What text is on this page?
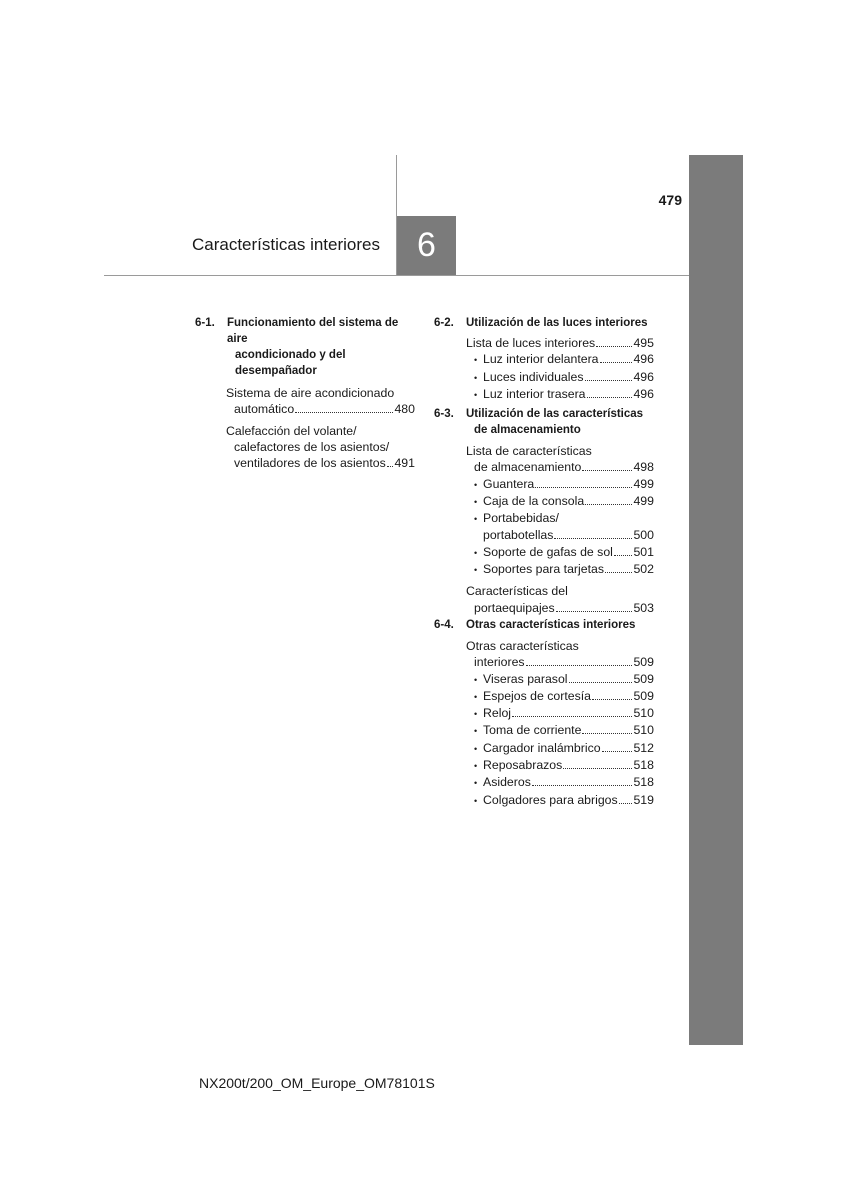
6
Características interiores
479
6-1.	Funcionamiento del sistema de aire
acondicionado y del
desempañador
Sistema de aire acondicionado
automático	480
Calefacción del volante/
calefactores de los asientos/
ventiladores de los asientos 491
6-2.	Utilización de las luces interiores
Lista de luces interiores	495
• Luz interior delantera	496
• Luces individuales	496
• Luz interior trasera	496
6-3.	Utilización de las características
de almacenamiento
Lista de características
de almacenamiento	498
• Guantera	499
• Caja de la consola	499
• Portabebidas/
portabotellas	500
• Soporte de gafas de sol 501
• Soportes para tarjetas 502
Características del
portaequipajes	503
6-4.	Otras características interiores
Otras características
interiores	509
• Viseras parasol	509
• Espejos de cortesía	509
• Reloj	510
• Toma de corriente	510
• Cargador inalámbrico	512
• Reposabrazos	518
• Asideros	518
• Colgadores para abrigos 519
NX200t/200_OM_Europe_OM78101S
